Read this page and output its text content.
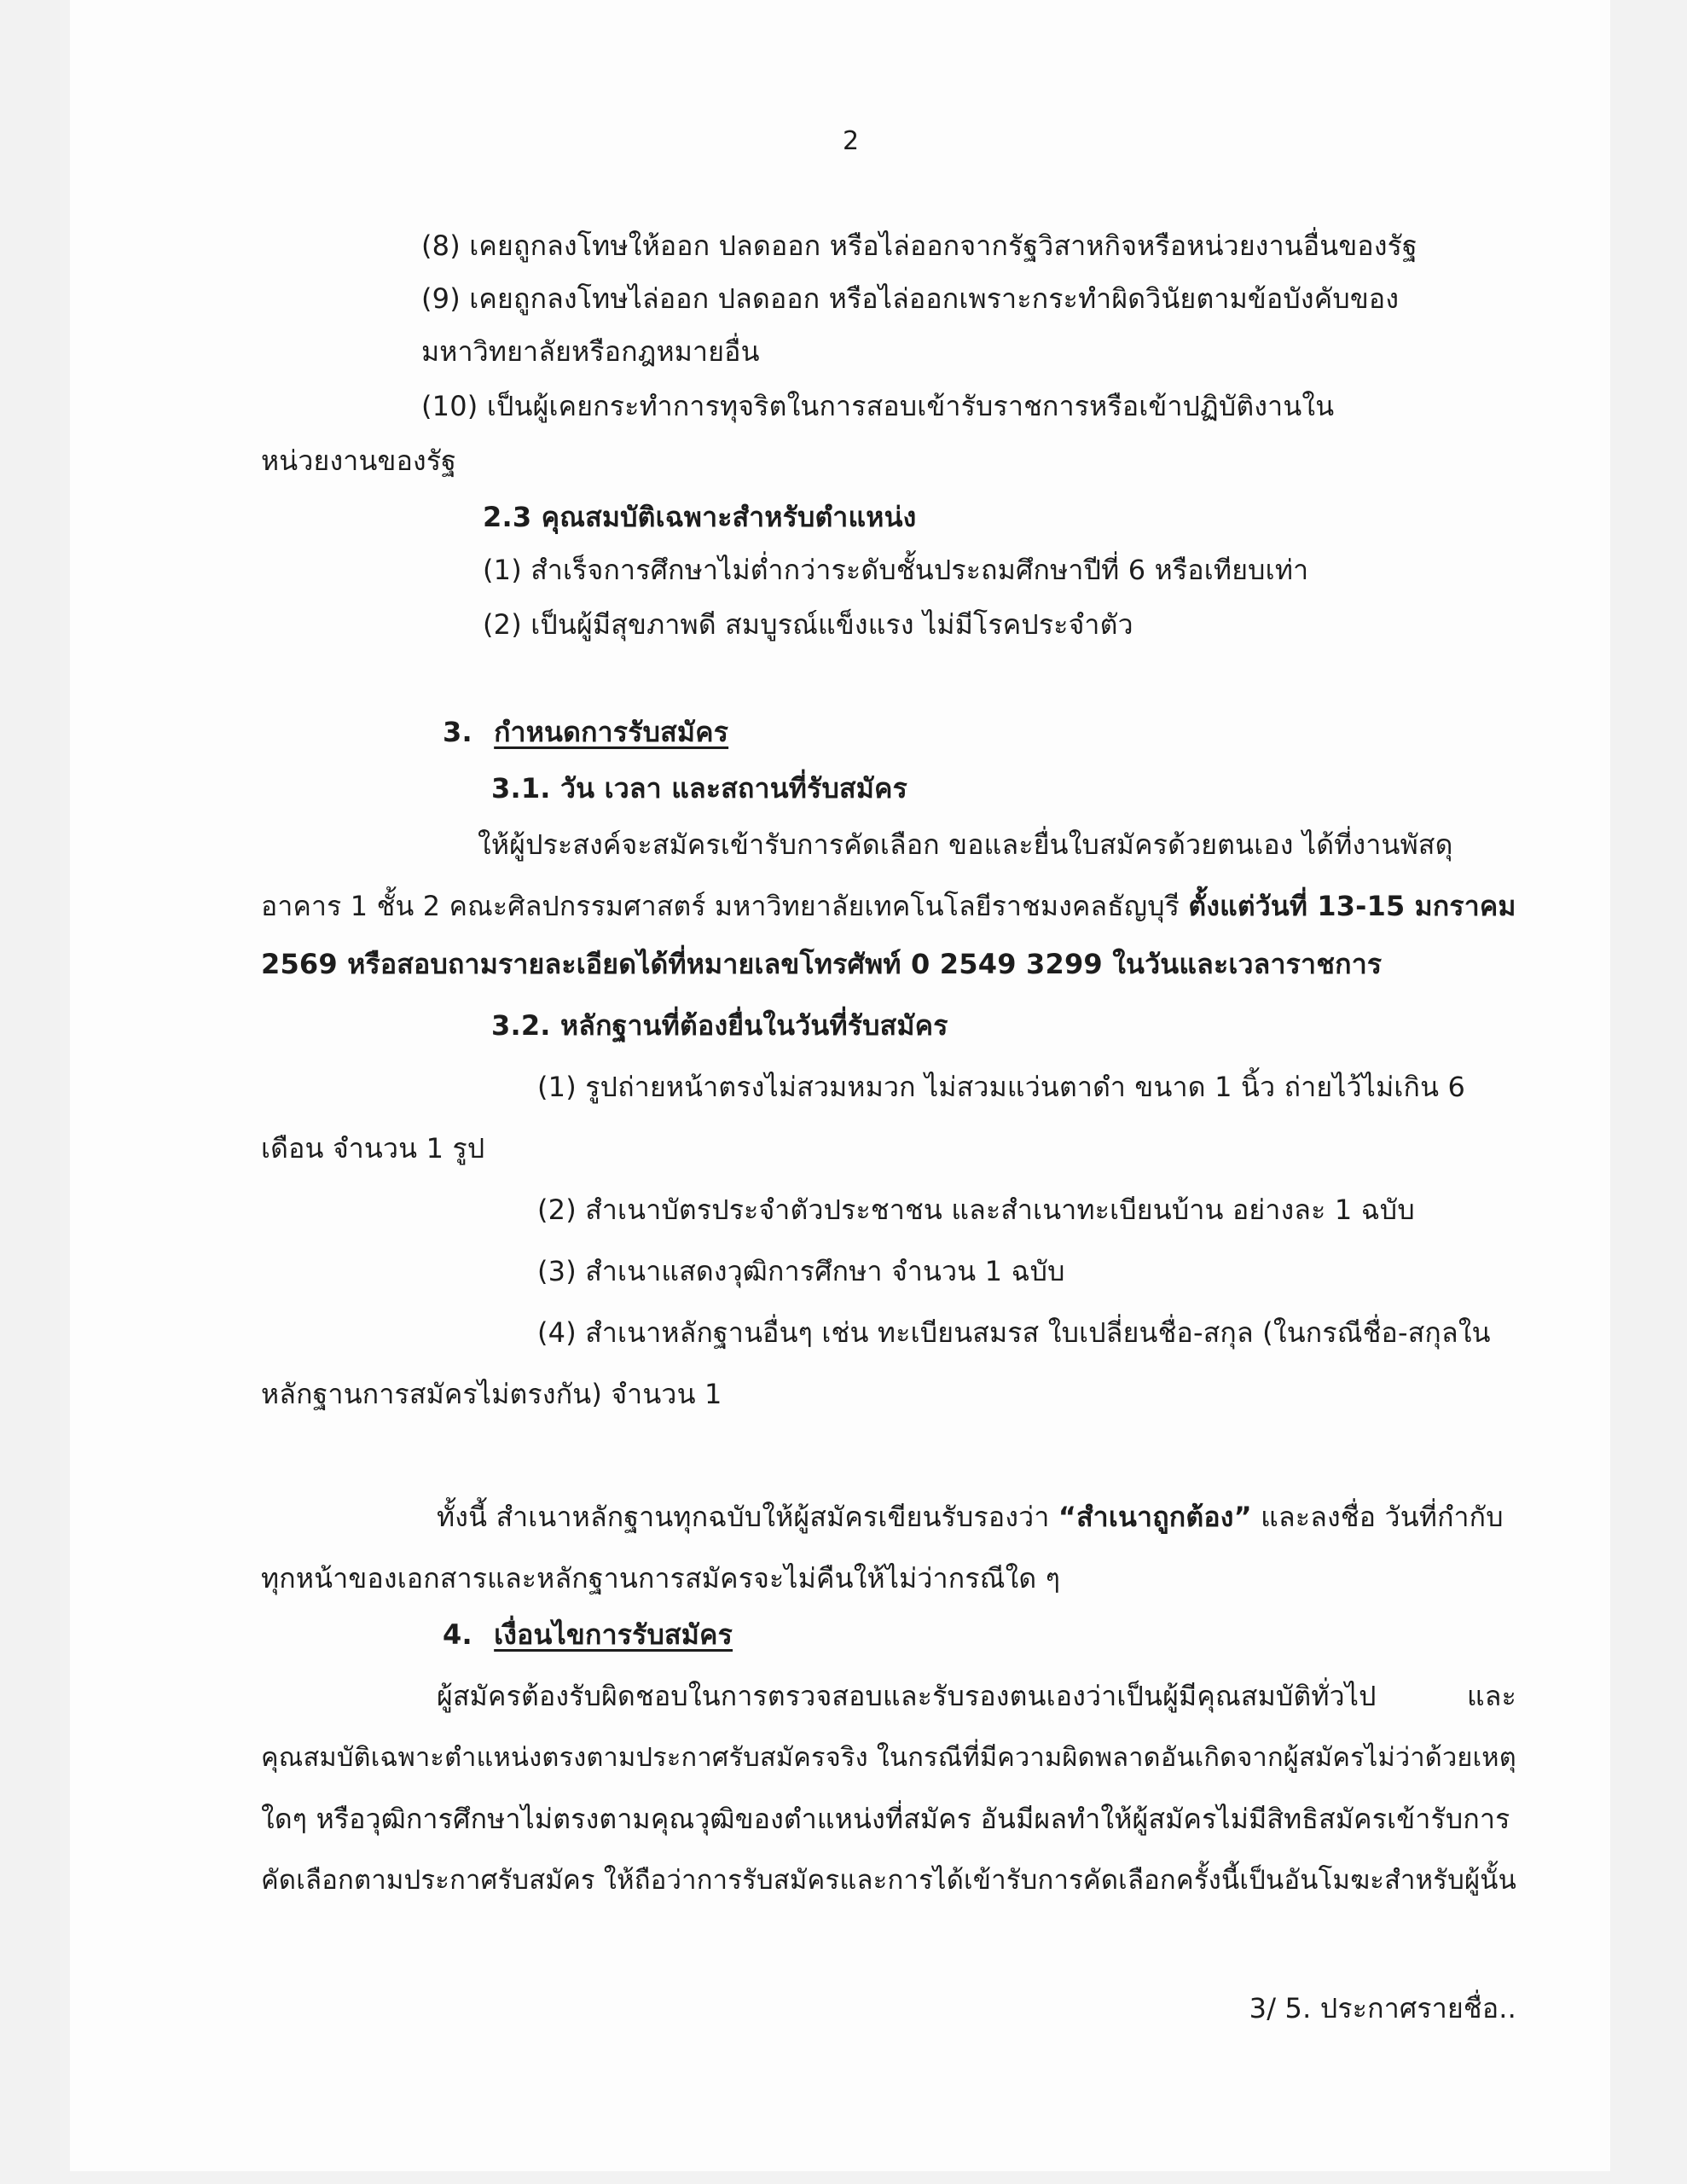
2
(8) เคยถูกลงโทษให้ออก ปลดออก หรือไล่ออกจากรัฐวิสาหกิจหรือหน่วยงานอื่นของรัฐ
(9) เคยถูกลงโทษไล่ออก ปลดออก หรือไล่ออกเพราะกระทำผิดวินัยตามข้อบังคับของ
มหาวิทยาลัยหรือกฎหมายอื่น
(10) เป็นผู้เคยกระทำการทุจริตในการสอบเข้ารับราชการหรือเข้าปฏิบัติงานใน
หน่วยงานของรัฐ
2.3 คุณสมบัติเฉพาะสำหรับตำแหน่ง
(1) สำเร็จการศึกษาไม่ต่ำกว่าระดับชั้นประถมศึกษาปีที่ 6 หรือเทียบเท่า
(2) เป็นผู้มีสุขภาพดี สมบูรณ์แข็งแรง ไม่มีโรคประจำตัว
3. กำหนดการรับสมัคร
3.1. วัน เวลา และสถานที่รับสมัคร
ให้ผู้ประสงค์จะสมัครเข้ารับการคัดเลือก ขอและยื่นใบสมัครด้วยตนเอง ได้ที่งานพัสดุ
อาคาร 1 ชั้น 2 คณะศิลปกรรมศาสตร์ มหาวิทยาลัยเทคโนโลยีราชมงคลธัญบุรี ตั้งแต่วันที่ 13-15 มกราคม
2569 หรือสอบถามรายละเอียดได้ที่หมายเลขโทรศัพท์ 0 2549 3299 ในวันและเวลาราชการ
3.2. หลักฐานที่ต้องยื่นในวันที่รับสมัคร
(1) รูปถ่ายหน้าตรงไม่สวมหมวก ไม่สวมแว่นตาดำ ขนาด 1 นิ้ว ถ่ายไว้ไม่เกิน 6
เดือน จำนวน 1 รูป
(2) สำเนาบัตรประจำตัวประชาชน และสำเนาทะเบียนบ้าน อย่างละ 1 ฉบับ
(3) สำเนาแสดงวุฒิการศึกษา จำนวน 1 ฉบับ
(4) สำเนาหลักฐานอื่นๆ เช่น ทะเบียนสมรส ใบเปลี่ยนชื่อ-สกุล (ในกรณีชื่อ-สกุลใน
หลักฐานการสมัครไม่ตรงกัน) จำนวน 1
ทั้งนี้ สำเนาหลักฐานทุกฉบับให้ผู้สมัครเขียนรับรองว่า “สำเนาถูกต้อง” และลงชื่อ วันที่กำกับ
ทุกหน้าของเอกสารและหลักฐานการสมัครจะไม่คืนให้ไม่ว่ากรณีใด ๆ
4. เงื่อนไขการรับสมัคร
ผู้สมัครต้องรับผิดชอบในการตรวจสอบและรับรองตนเองว่าเป็นผู้มีคุณสมบัติทั่วไป	และ
คุณสมบัติเฉพาะตำแหน่งตรงตามประกาศรับสมัครจริง ในกรณีที่มีความผิดพลาดอันเกิดจากผู้สมัครไม่ว่าด้วยเหตุ
ใดๆ หรือวุฒิการศึกษาไม่ตรงตามคุณวุฒิของตำแหน่งที่สมัคร อันมีผลทำให้ผู้สมัครไม่มีสิทธิสมัครเข้ารับการ
คัดเลือกตามประกาศรับสมัคร ให้ถือว่าการรับสมัครและการได้เข้ารับการคัดเลือกครั้งนี้เป็นอันโมฆะสำหรับผู้นั้น
3/ 5. ประกาศรายชื่อ..
